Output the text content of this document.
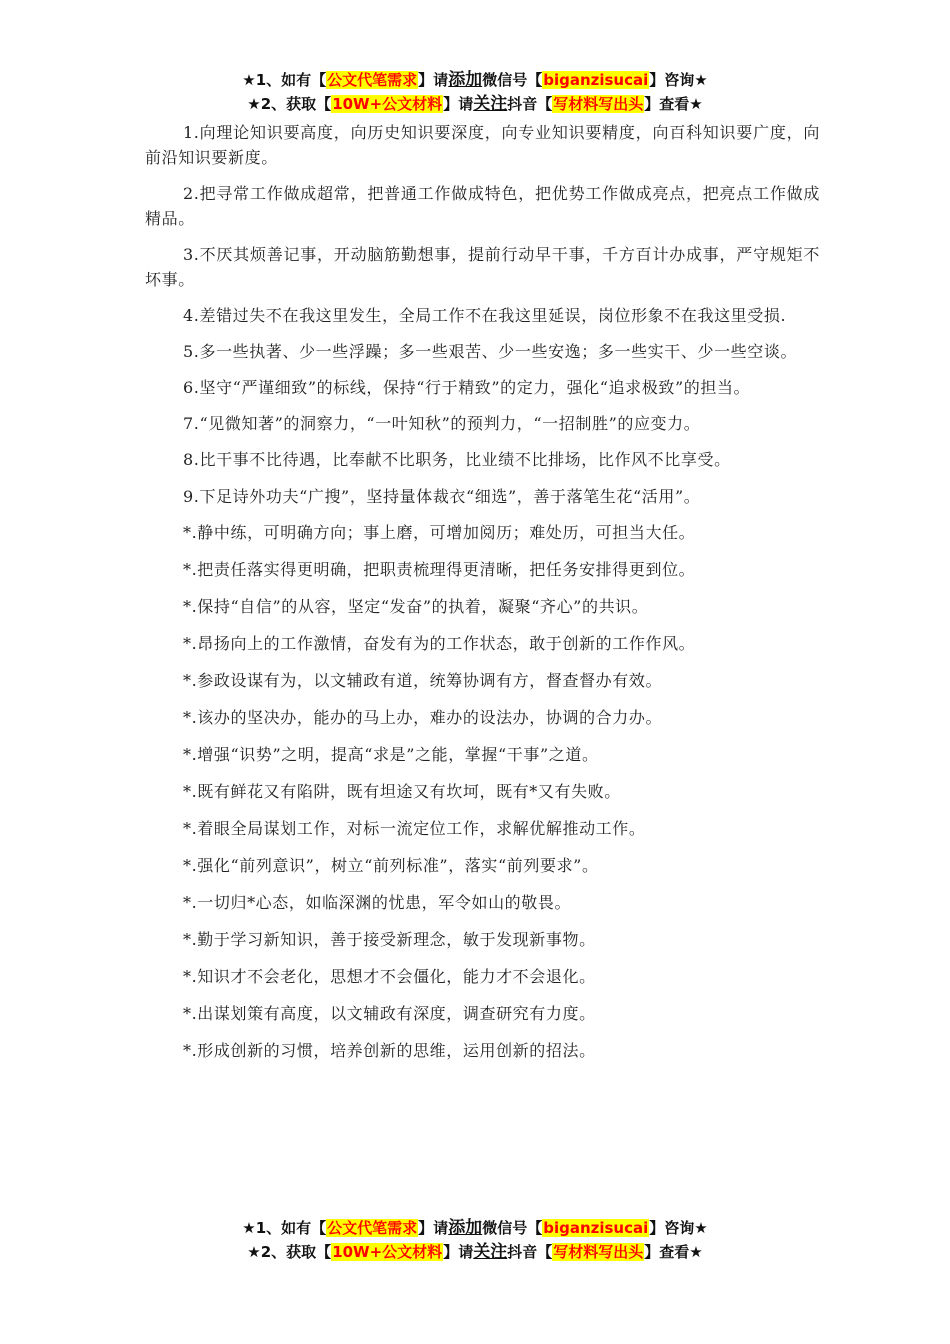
★1、如有【公文代笔需求】请添加微信号【biganzisucai】咨询★
★2、获取【10W+公文材料】请关注抖音【写材料写出头】查看★

1.向理论知识要高度，向历史知识要深度，向专业知识要精度，向百科知识要广度，向前沿知识要新度。

2.把寻常工作做成超常，把普通工作做成特色，把优势工作做成亮点，把亮点工作做成精品。

3.不厌其烦善记事，开动脑筋勤想事，提前行动早干事，千方百计办成事，严守规矩不坏事。

4.差错过失不在我这里发生，全局工作不在我这里延误，岗位形象不在我这里受损.

5.多一些执著、少一些浮躁；多一些艰苦、少一些安逸；多一些实干、少一些空谈。

6.坚守“严谨细致”的标线，保持“行于精致”的定力，强化“追求极致”的担当。

7.“见微知著”的洞察力，“一叶知秋”的预判力，“一招制胜”的应变力。

8.比干事不比待遇，比奉献不比职务，比业绩不比排场，比作风不比享受。

9.下足诗外功夫“广搜”，坚持量体裁衣“细选”，善于落笔生花“活用”。

*.静中练，可明确方向；事上磨，可增加阅历；难处历，可担当大任。

*.把责任落实得更明确，把职责梳理得更清晰，把任务安排得更到位。

*.保持“自信”的从容，坚定“发奋”的执着，凝聚“齐心”的共识。

*.昂扬向上的工作激情，奋发有为的工作状态，敢于创新的工作作风。

*.参政设谋有为，以文辅政有道，统筹协调有方，督查督办有效。

*.该办的坚决办，能办的马上办，难办的设法办，协调的合力办。

*.增强“识势”之明，提高“求是”之能，掌握“干事”之道。

*.既有鲜花又有陷阱，既有坦途又有坎坷，既有*又有失败。

*.着眼全局谋划工作，对标一流定位工作，求解优解推动工作。

*.强化“前列意识”，树立“前列标准”，落实“前列要求”。

*.一切归*心态，如临深渊的忧患，军令如山的敬畏。

*.勤于学习新知识，善于接受新理念，敏于发现新事物。

*.知识才不会老化，思想才不会僵化，能力才不会退化。

*.出谋划策有高度，以文辅政有深度，调查研究有力度。

*.形成创新的习惯，培养创新的思维，运用创新的招法。

★1、如有【公文代笔需求】请添加微信号【biganzisucai】咨询★
★2、获取【10W+公文材料】请关注抖音【写材料写出头】查看★
